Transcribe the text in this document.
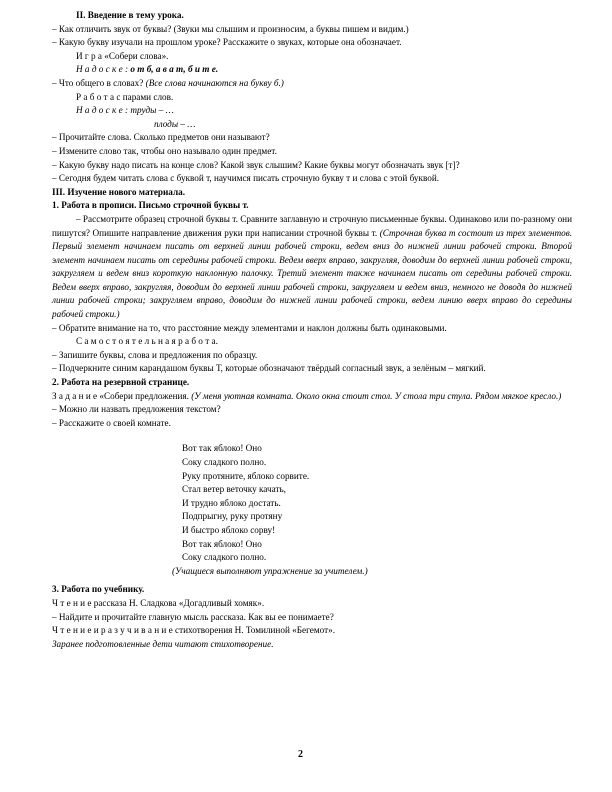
II. Введение в тему урока.

– Как отличить звук от буквы? (Звуки мы слышим и произносим, а буквы пишем и видим.)

– Какую букву изучали на прошлом уроке? Расскажите о звуках, которые она обозначает.

И г р а «Собери слова».

Н а д о с к е : о т б, а в а т, б и т е.

– Что общего в словах? (Все слова начинаются на букву б.)

Р а б о т а с парами слов.

Н а д о с к е : труды – …

плоды – …

– Прочитайте слова. Сколько предметов они называют?

– Измените слово так, чтобы оно называло один предмет.

– Какую букву надо писать на конце слов? Какой звук слышим? Какие буквы могут обозначать звук [т]?

– Сегодня будем читать слова с буквой т, научимся писать строчную букву т и слова с этой буквой.

III. Изучение нового материала.

1. Работа в прописи. Письмо строчной буквы т.

– Рассмотрите образец строчной буквы т. Сравните заглавную и строчную письменные буквы. Одинаково или по-разному они пишутся? Опишите направление движения руки при написании строчной буквы т. (Строчная буква т состоит из трех элементов. Первый элемент начинаем писать от верхней линии рабочей строки, ведем вниз до нижней линии рабочей строки. Второй элемент начинаем писать от середины рабочей строки. Ведем вверх вправо, закругляя, доводим до верхней линии рабочей строки, закругляем и ведем вниз короткую наклонную палочку. Третий элемент также начинаем писать от середины рабочей строки. Ведем вверх вправо, закругляя, доводим до верхней линии рабочей строки, закругляем и ведем вниз, немного не доводя до нижней линии рабочей строки; закругляем вправо, доводим до нижней линии рабочей строки, ведем линию вверх вправо до середины рабочей строки.)

– Обратите внимание на то, что расстояние между элементами и наклон должны быть одинаковыми.

С а м о с т о я т е л ь н а я р а б о т а.

– Запишите буквы, слова и предложения по образцу.

– Подчеркните синим карандашом буквы Т, которые обозначают твёрдый согласный звук, а зелёным – мягкий.

2. Работа на резервной странице.

З а д а н и е «Собери предложения. (У меня уютная комната. Около окна стоит стол. У стола три стула. Рядом мягкое кресло.)

– Можно ли назвать предложения текстом?

– Расскажите о своей комнате.

Вот так яблоко! Оно

Соку сладкого полно.

Руку протяните, яблоко сорвите.

Стал ветер веточку качать,

И трудно яблоко достать.

Подпрыгну, руку протяну

И быстро яблоко сорву!

Вот так яблоко! Оно

Соку сладкого полно.

(Учащиеся выполняют упражнение за учителем.)

3. Работа по учебнику.

Ч т е н и е рассказа Н. Сладкова «Догадливый хомяк».

– Найдите и прочитайте главную мысль рассказа. Как вы ее понимаете?

Ч т е н и е и р а з у ч и в а н и е стихотворения Н. Томилиной «Бегемот».

Заранее подготовленные дети читают стихотворение.

2
